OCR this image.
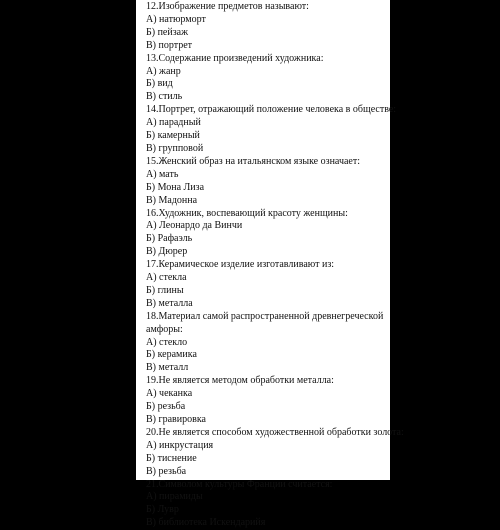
12.Изображение предметов называют:
А) натюрморт
Б) пейзаж
В) портрет
13.Содержание произведений художника:
А) жанр
Б) вид
В) стиль
14.Портрет, отражающий положение человека в обществе:
А) парадный
Б) камерный
В) групповой
15.Женский образ на итальянском языке означает:
А) мать
Б) Мона Лиза
В) Мадонна
16.Художник, воспевающий красоту женщины:
А) Леонардо да Винчи
Б) Рафаэль
В) Дюрер
17.Керамическое изделие изготавливают из:
А) стекла
Б) глины
В) металла
18.Материал самой распространенной древнегреческой амфоры:
А) стекло
Б) керамика
В) металл
19.Не является методом обработки металла:
А) чеканка
Б) резьба
В) гравировка
20.Не является способом художественной обработки золота:
А) инкрустация
Б) тиснение
В) резьба
21.Символом культуры Франции считается:
А) пирамиды
Б) Лувр
В) библиотека Искендарийя
